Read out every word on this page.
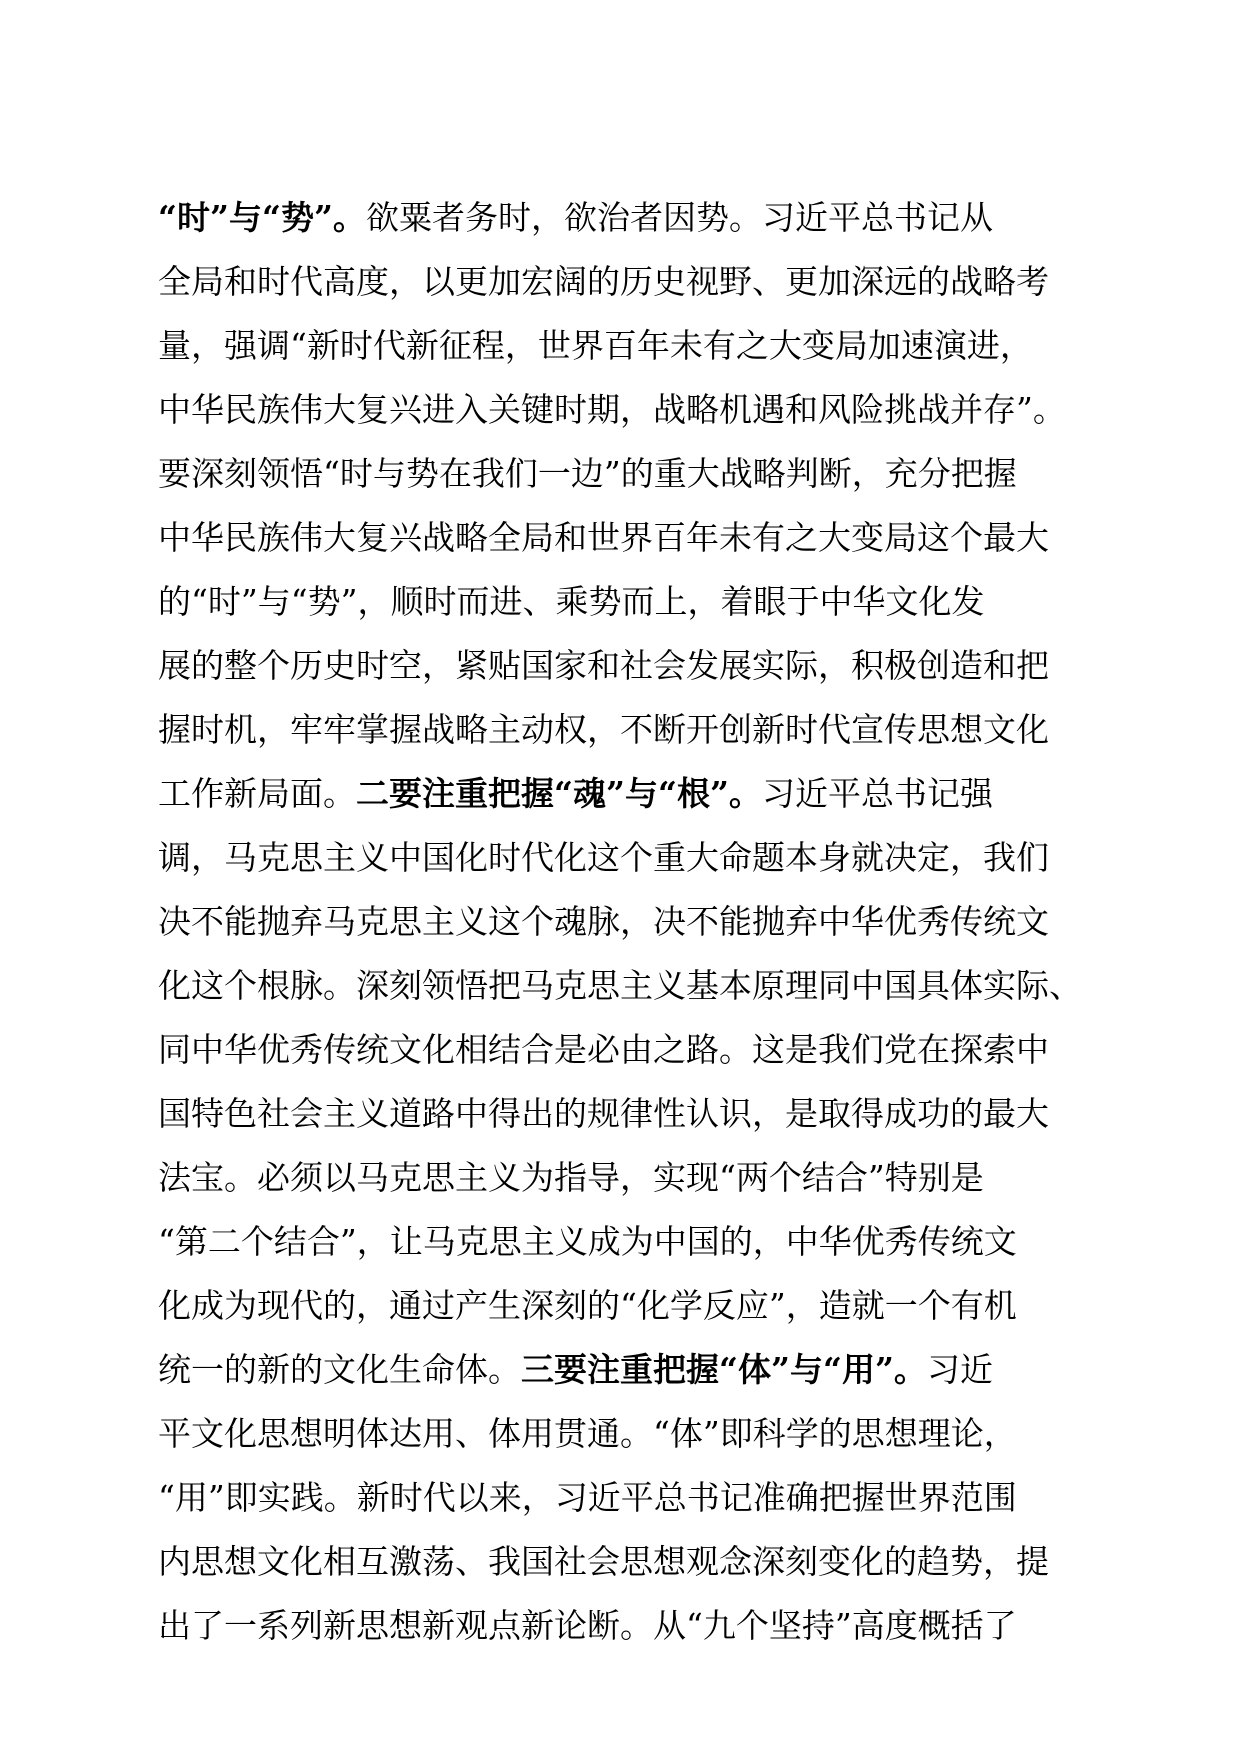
“时”与“势”。欲粟者务时，欲治者因势。习近平总书记从
全局和时代高度，以更加宏阔的历史视野、更加深远的战略考
量，强调“新时代新征程，世界百年未有之大变局加速演进，
中华民族伟大复兴进入关键时期，战略机遇和风险挑战并存”。
要深刻领悟“时与势在我们一边”的重大战略判断，充分把握
中华民族伟大复兴战略全局和世界百年未有之大变局这个最大
的“时”与“势”，顺时而进、乘势而上，着眼于中华文化发
展的整个历史时空，紧贴国家和社会发展实际，积极创造和把
握时机，牢牢掌握战略主动权，不断开创新时代宣传思想文化
工作新局面。二要注重把握“魂”与“根”。习近平总书记强
调，马克思主义中国化时代化这个重大命题本身就决定，我们
决不能抛弃马克思主义这个魂脉，决不能抛弃中华优秀传统文
化这个根脉。深刻领悟把马克思主义基本原理同中国具体实际、
同中华优秀传统文化相结合是必由之路。这是我们党在探索中
国特色社会主义道路中得出的规律性认识，是取得成功的最大
法宝。必须以马克思主义为指导，实现“两个结合”特别是
“第二个结合”，让马克思主义成为中国的，中华优秀传统文
化成为现代的，通过产生深刻的“化学反应”，造就一个有机
统一的新的文化生命体。三要注重把握“体”与“用”。习近
平文化思想明体达用、体用贯通。“体”即科学的思想理论，
“用”即实践。新时代以来，习近平总书记准确把握世界范围
内思想文化相互激荡、我国社会思想观念深刻变化的趋势，提
出了一系列新思想新观点新论断。从“九个坚持”高度概括了
